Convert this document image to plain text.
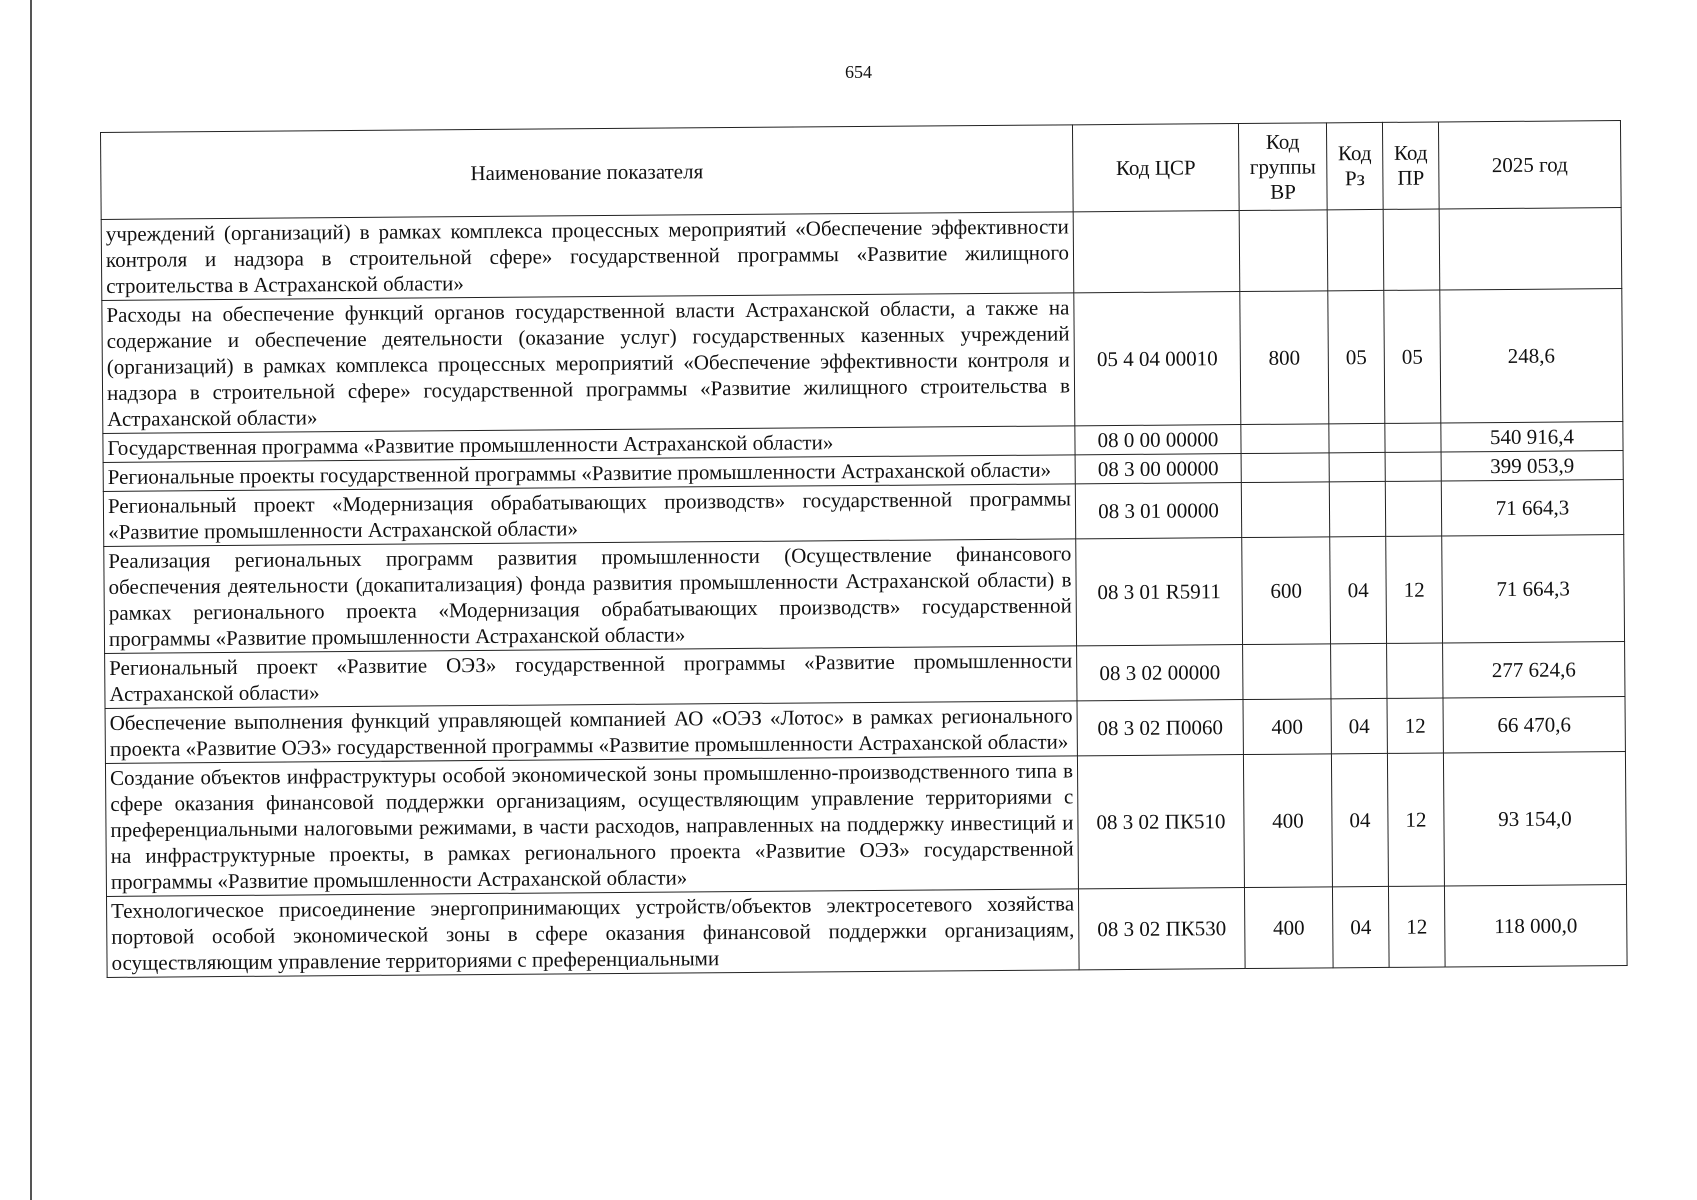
654
Наименование показателя	Код ЦСР	Код группы ВР	Код Рз	Код ПР	2025 год
учреждений (организаций) в рамках комплекса процессных мероприятий «Обеспечение эффективности контроля и надзора в строительной сфере» государственной программы «Развитие жилищного строительства в Астраханской области»					
Расходы на обеспечение функций органов государственной власти Астраханской области, а также на содержание и обеспечение деятельности (оказание услуг) государственных казенных учреждений (организаций) в рамках комплекса процессных мероприятий «Обеспечение эффективности контроля и надзора в строительной сфере» государственной программы «Развитие жилищного строительства в Астраханской области»	05 4 04 00010	800	05	05	248,6
Государственная программа «Развитие промышленности Астраханской области»	08 0 00 00000				540 916,4
Региональные проекты государственной программы «Развитие промышленности Астраханской области»	08 3 00 00000				399 053,9
Региональный проект «Модернизация обрабатывающих производств» государственной программы «Развитие промышленности Астраханской области»	08 3 01 00000				71 664,3
Реализация региональных программ развития промышленности (Осуществление финансового обеспечения деятельности (докапитализация) фонда развития промышленности Астраханской области) в рамках регионального проекта «Модернизация обрабатывающих производств» государственной программы «Развитие промышленности Астраханской области»	08 3 01 R5911	600	04	12	71 664,3
Региональный проект «Развитие ОЭЗ» государственной программы «Развитие промышленности Астраханской области»	08 3 02 00000				277 624,6
Обеспечение выполнения функций управляющей компанией АО «ОЭЗ «Лотос» в рамках регионального проекта «Развитие ОЭЗ» государственной программы «Развитие промышленности Астраханской области»	08 3 02 П0060	400	04	12	66 470,6
Создание объектов инфраструктуры особой экономической зоны промышленно-производственного типа в сфере оказания финансовой поддержки организациям, осуществляющим управление территориями с преференциальными налоговыми режимами, в части расходов, направленных на поддержку инвестиций и на инфраструктурные проекты, в рамках регионального проекта «Развитие ОЭЗ» государственной программы «Развитие промышленности Астраханской области»	08 3 02 ПК510	400	04	12	93 154,0
Технологическое присоединение энергопринимающих устройств/объектов электросетевого хозяйства портовой особой экономической зоны в сфере оказания финансовой поддержки организациям, осуществляющим управление территориями с преференциальными	08 3 02 ПК530	400	04	12	118 000,0
